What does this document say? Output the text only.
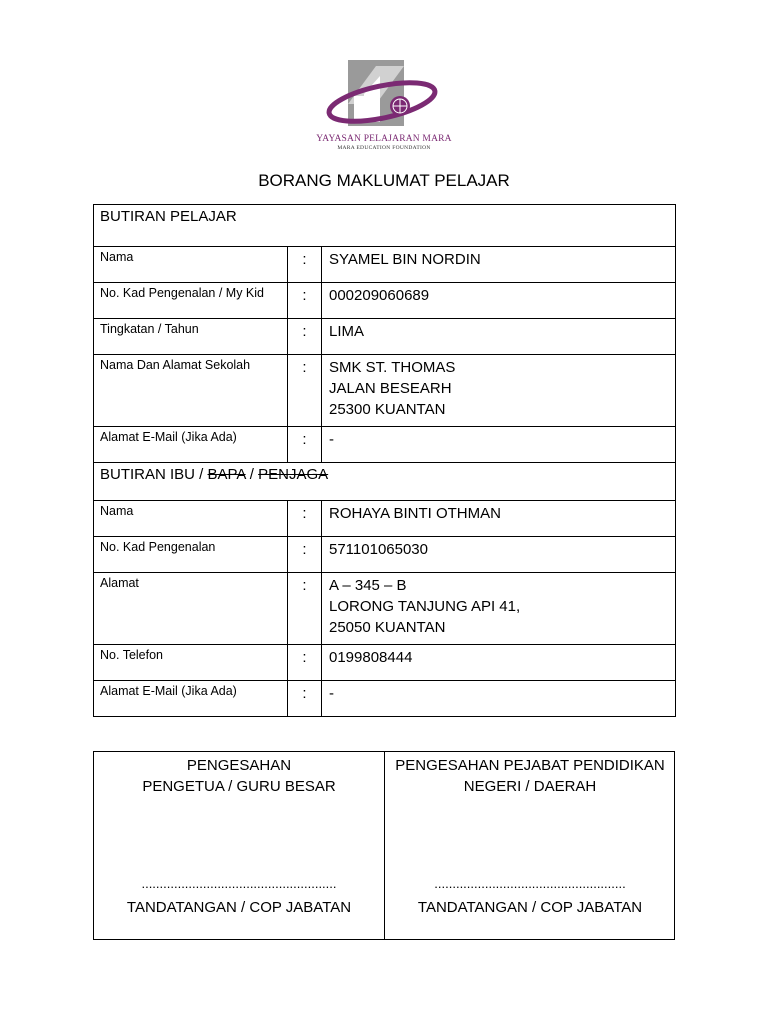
YAYASAN PELAJARAN MARA
MARA EDUCATION FOUNDATION
BORANG MAKLUMAT PELAJAR
BUTIRAN PELAJAR		
Nama	:	SYAMEL BIN NORDIN
No. Kad Pengenalan / My Kid	:	000209060689
Tingkatan / Tahun	:	LIMA
Nama Dan Alamat Sekolah	:	SMK ST. THOMAS
JALAN BESEARH
25300 KUANTAN

Alamat E-Mail (Jika Ada)	:	-
BUTIRAN IBU / BAPA / PENJAGA		
Nama	:	ROHAYA BINTI OTHMAN
No. Kad Pengenalan	:	571101065030
Alamat	:	A – 345 – B
LORONG TANJUNG API 41,
25050 KUANTAN

No. Telefon	:	0199808444
Alamat E-Mail (Jika Ada)	:	-
PENGESAHAN
PENGETUA / GURU BESAR
......................................................
TANDATANGAN / COP JABATAN
PENGESAHAN PEJABAT PENDIDIKAN
NEGERI / DAERAH
.....................................................
TANDATANGAN / COP JABATAN
